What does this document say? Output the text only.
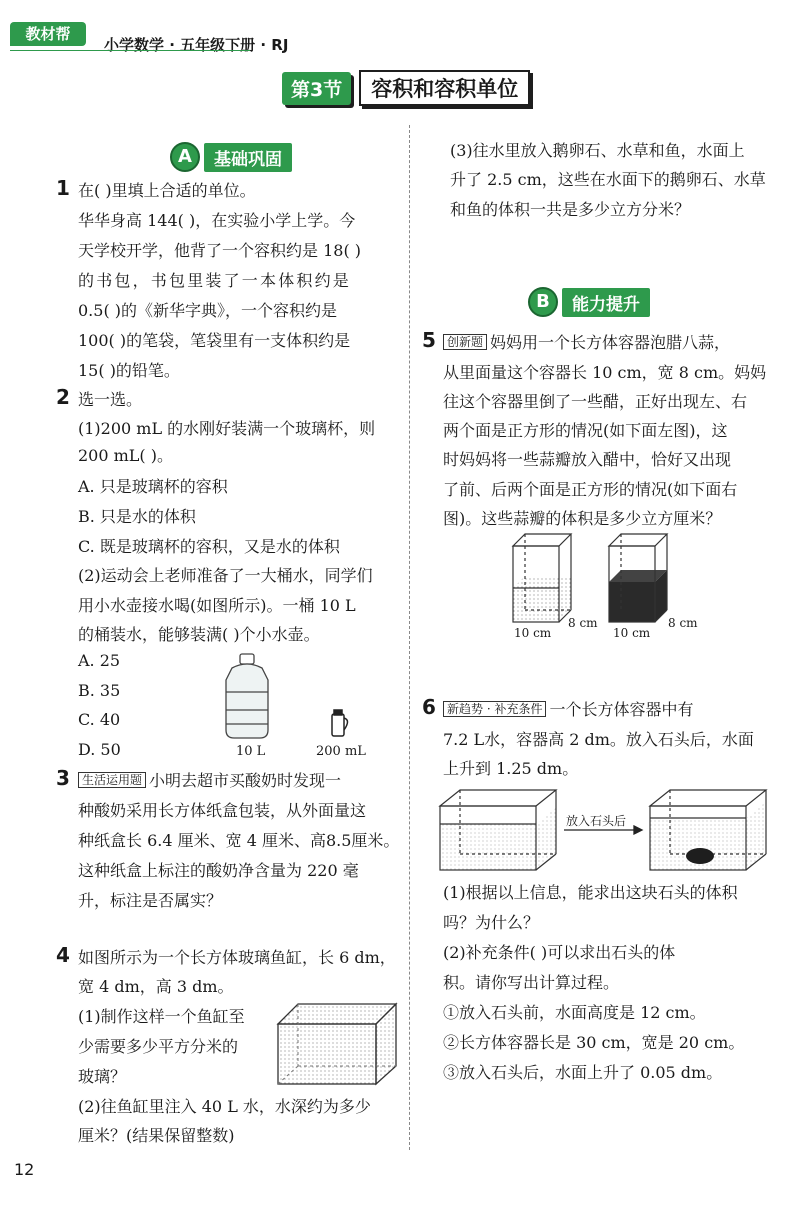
教材帮
小学数学 · 五年级下册 · RJ
第3节	容积和容积单位
A	基础巩固
1 在( )里填上合适的单位。
华华身高 144( )，在实验小学上学。今
天学校开学，他背了一个容积约是 18( )
的书包，书包里装了一本体积约是
0.5( )的《新华字典》，一个容积约是
100( )的笔袋，笔袋里有一支体积约是
15( )的铅笔。
2 选一选。
(1)200 mL 的水刚好装满一个玻璃杯，则
200 mL( )。
A. 只是玻璃杯的容积
B. 只是水的体积
C. 既是玻璃杯的容积，又是水的体积
(2)运动会上老师准备了一大桶水，同学们
用小水壶接水喝(如图所示)。一桶 10 L
的桶装水，能够装满( )个小水壶。
A. 25
B. 35
C. 40
D. 50	10 L	200 mL
3	生活运用题 小明去超市买酸奶时发现一
种酸奶采用长方体纸盒包装，从外面量这
种纸盒长 6.4 厘米、宽 4 厘米、高8.5厘米。
这种纸盒上标注的酸奶净含量为 220 毫
升，标注是否属实？
4 如图所示为一个长方体玻璃鱼缸，长 6 dm，
宽 4 dm，高 3 dm。
(1)制作这样一个鱼缸至
少需要多少平方分米的
玻璃？
(2)往鱼缸里注入 40 L 水，水深约为多少
厘米？(结果保留整数)
(3)往水里放入鹅卵石、水草和鱼，水面上
升了 2.5 cm，这些在水面下的鹅卵石、水草
和鱼的体积一共是多少立方分米？
B	能力提升
5 创新题 妈妈用一个长方体容器泡腊八蒜，
从里面量这个容器长 10 cm，宽 8 cm。妈妈
往这个容器里倒了一些醋，正好出现左、右
两个面是正方形的情况(如下面左图)，这
时妈妈将一些蒜瓣放入醋中，恰好又出现
了前、后两个面是正方形的情况(如下面右
图)。这些蒜瓣的体积是多少立方厘米？
10 cm
8 cm
10 cm
8 cm
6 新趋势 · 补充条件 一个长方体容器中有
7.2 L水，容器高 2 dm。放入石头后，水面
上升到 1.25 dm。
放入石头后
(1)根据以上信息，能求出这块石头的体积
吗？为什么？
(2)补充条件( )可以求出石头的体
积。请你写出计算过程。
①放入石头前，水面高度是 12 cm。
②长方体容器长是 30 cm，宽是 20 cm。
③放入石头后，水面上升了 0.05 dm。
12
